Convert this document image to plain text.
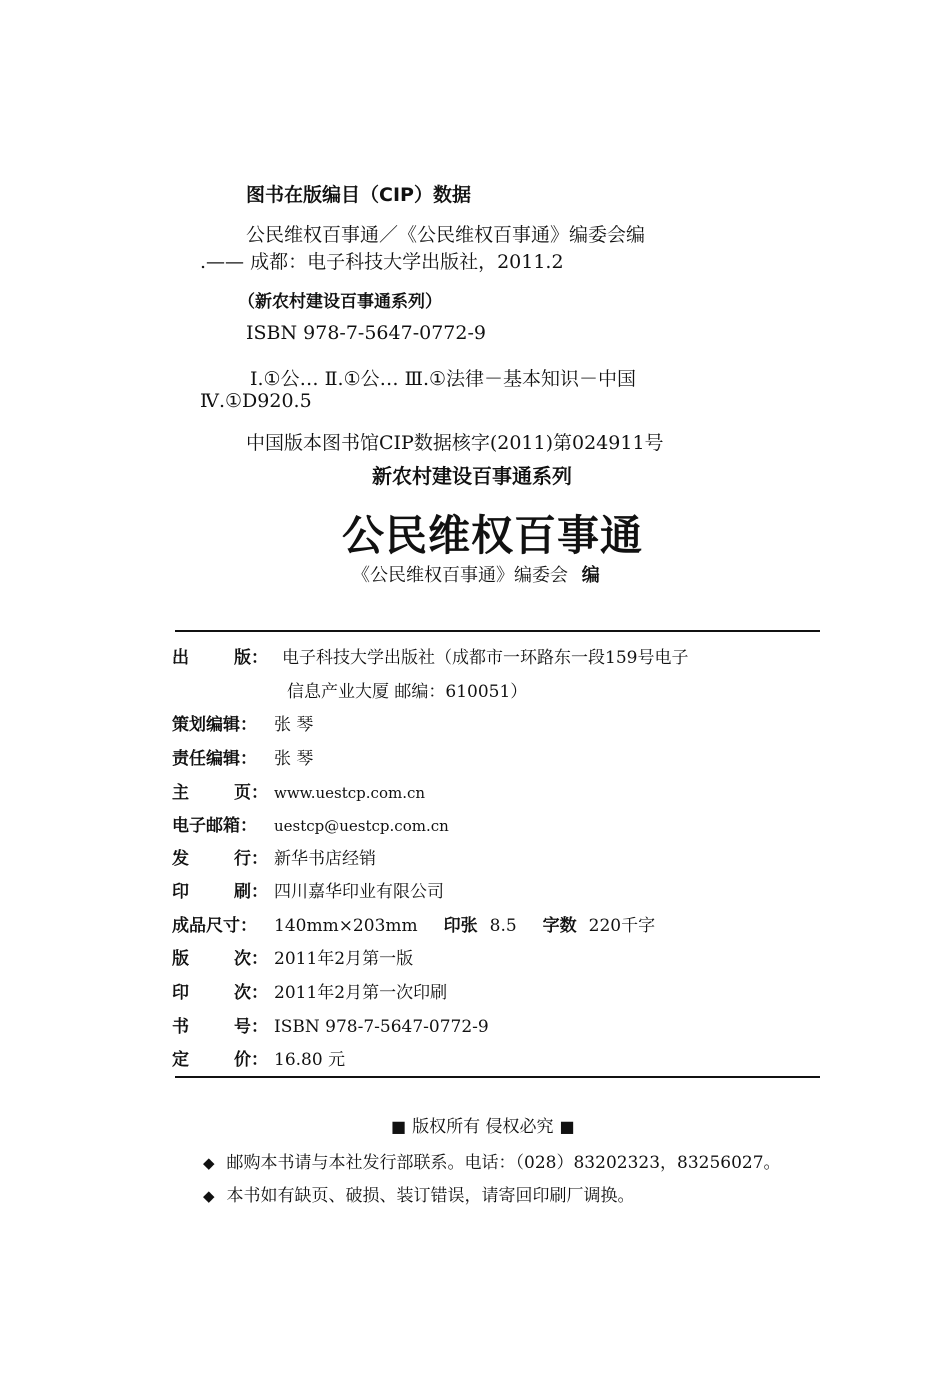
图书在版编目（CIP）数据
公民维权百事通／《公民维权百事通》编委会编
.—— 成都：电子科技大学出版社，2011.2
（新农村建设百事通系列）
ISBN 978-7-5647-0772-9
Ⅰ.①公… Ⅱ.①公… Ⅲ.①法律－基本知识－中国
Ⅳ.①D920.5
中国版本图书馆CIP数据核字(2011)第024911号
新农村建设百事通系列
公民维权百事通
《公民维权百事通》编委会 编
出	版： 电子科技大学出版社（成都市一环路东一段159号电子
信息产业大厦 邮编：610051）
策划编辑：	张 琴
责任编辑：	张 琴
主	页： www.uestcp.com.cn
电子邮箱：	uestcp@uestcp.com.cn
发	行： 新华书店经销
印	刷： 四川嘉华印业有限公司
成品尺寸：	140mm×203mm 印张 8.5 字数 220千字
版	次： 2011年2月第一版
印	次： 2011年2月第一次印刷
书	号： ISBN 978-7-5647-0772-9
定	价： 16.80 元
■ 版权所有 侵权必究 ■
◆ 邮购本书请与本社发行部联系。电话：（028）83202323，83256027。
◆ 本书如有缺页、破损、装订错误，请寄回印刷厂调换。
